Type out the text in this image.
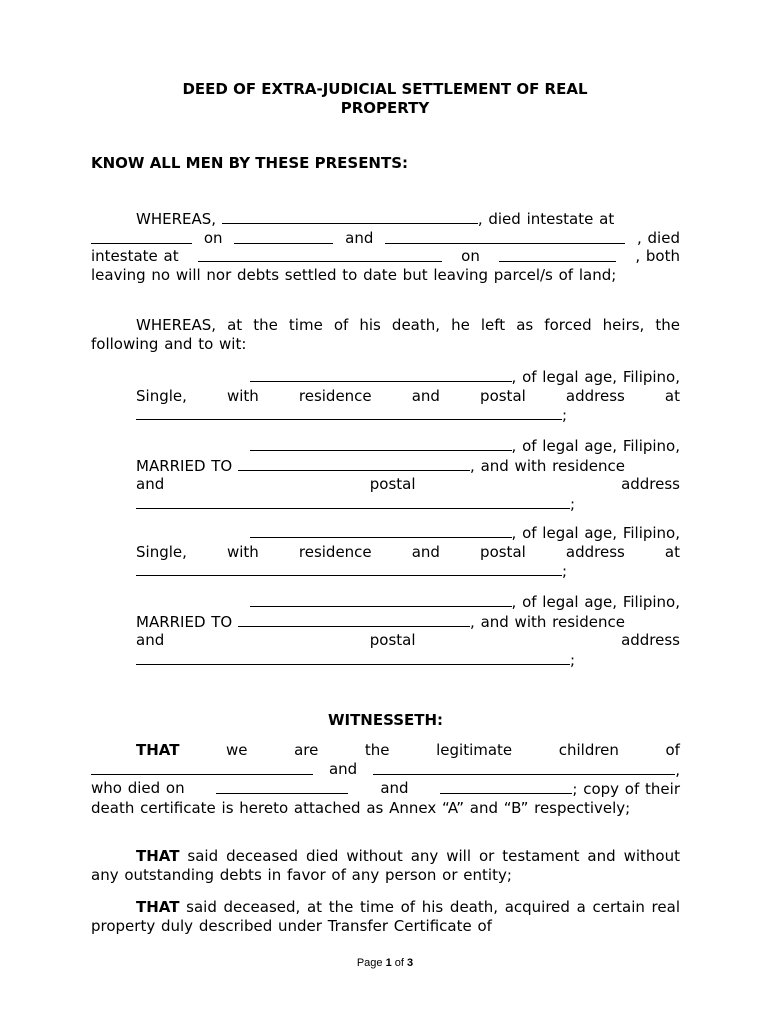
DEED OF EXTRA-JUDICIAL SETTLEMENT OF REAL
PROPERTY
KNOW ALL MEN BY THESE PRESENTS:
WHEREAS,	, died intestate at
on	and	, died
intestate at	on	, both
leaving no will nor debts settled to date but leaving parcel/s of land;
WHEREAS, at the time of his death, he left as forced heirs, the following and to wit:
, of legal age, Filipino,
Single,	with	residence	and	postal	address	at
;
, of legal age, Filipino,
MARRIED TO	, and with residence
and	postal	address
;
, of legal age, Filipino,
Single,	with	residence	and	postal	address	at
;
, of legal age, Filipino,
MARRIED TO	, and with residence
and	postal	address
;
WITNESSETH:
THAT	we	are	the	legitimate	children	of
and	,
who died on	and	; copy of their
death certificate is hereto attached as Annex “A” and “B” respectively;
THAT said deceased died without any will or testament and without any outstanding debts in favor of any person or entity;
THAT said deceased, at the time of his death, acquired a certain real property duly described under Transfer Certificate of
Page 1 of 3
